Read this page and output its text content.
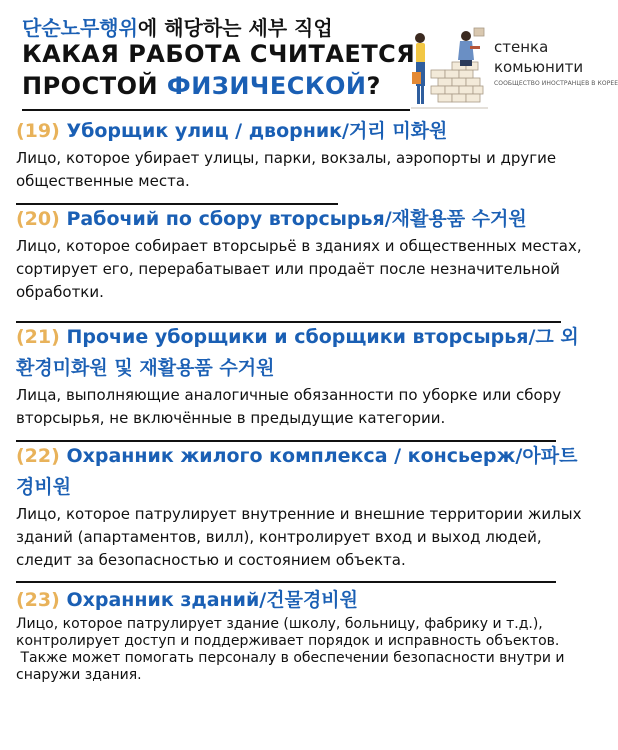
단순노무행위에 해당하는 세부 직업
КАКАЯ РАБОТА СЧИТАЕТСЯ
ПРОСТОЙ ФИЗИЧЕСКОЙ?
стенка
комьюнити
СООБЩЕСТВО ИНОСТРАНЦЕВ В КОРЕЕ
(19) Уборщик улиц / дворник/거리 미화원
Лицо, которое убирает улицы, парки, вокзалы, аэропорты и другие общественные места.
(20) Рабочий по сбору вторсырья/재활용품 수거원
Лицо, которое собирает вторсырьё в зданиях и общественных местах, сортирует его, перерабатывает или продаёт после незначительной обработки.
(21) Прочие уборщики и сборщики вторсырья/그 외 환경미화원 및 재활용품 수거원
Лица, выполняющие аналогичные обязанности по уборке или сбору вторсырья, не включённые в предыдущие категории.
(22) Охранник жилого комплекса / консьерж/아파트 경비원
Лицо, которое патрулирует внутренние и внешние территории жилых зданий (апартаментов, вилл), контролирует вход и выход людей, следит за безопасностью и состоянием объекта.
(23) Охранник зданий/건물경비원
Лицо, которое патрулирует здание (школу, больницу, фабрику и т.д.), контролирует доступ и поддерживает порядок и исправность объектов.
Также может помогать персоналу в обеспечении безопасности внутри и снаружи здания.
